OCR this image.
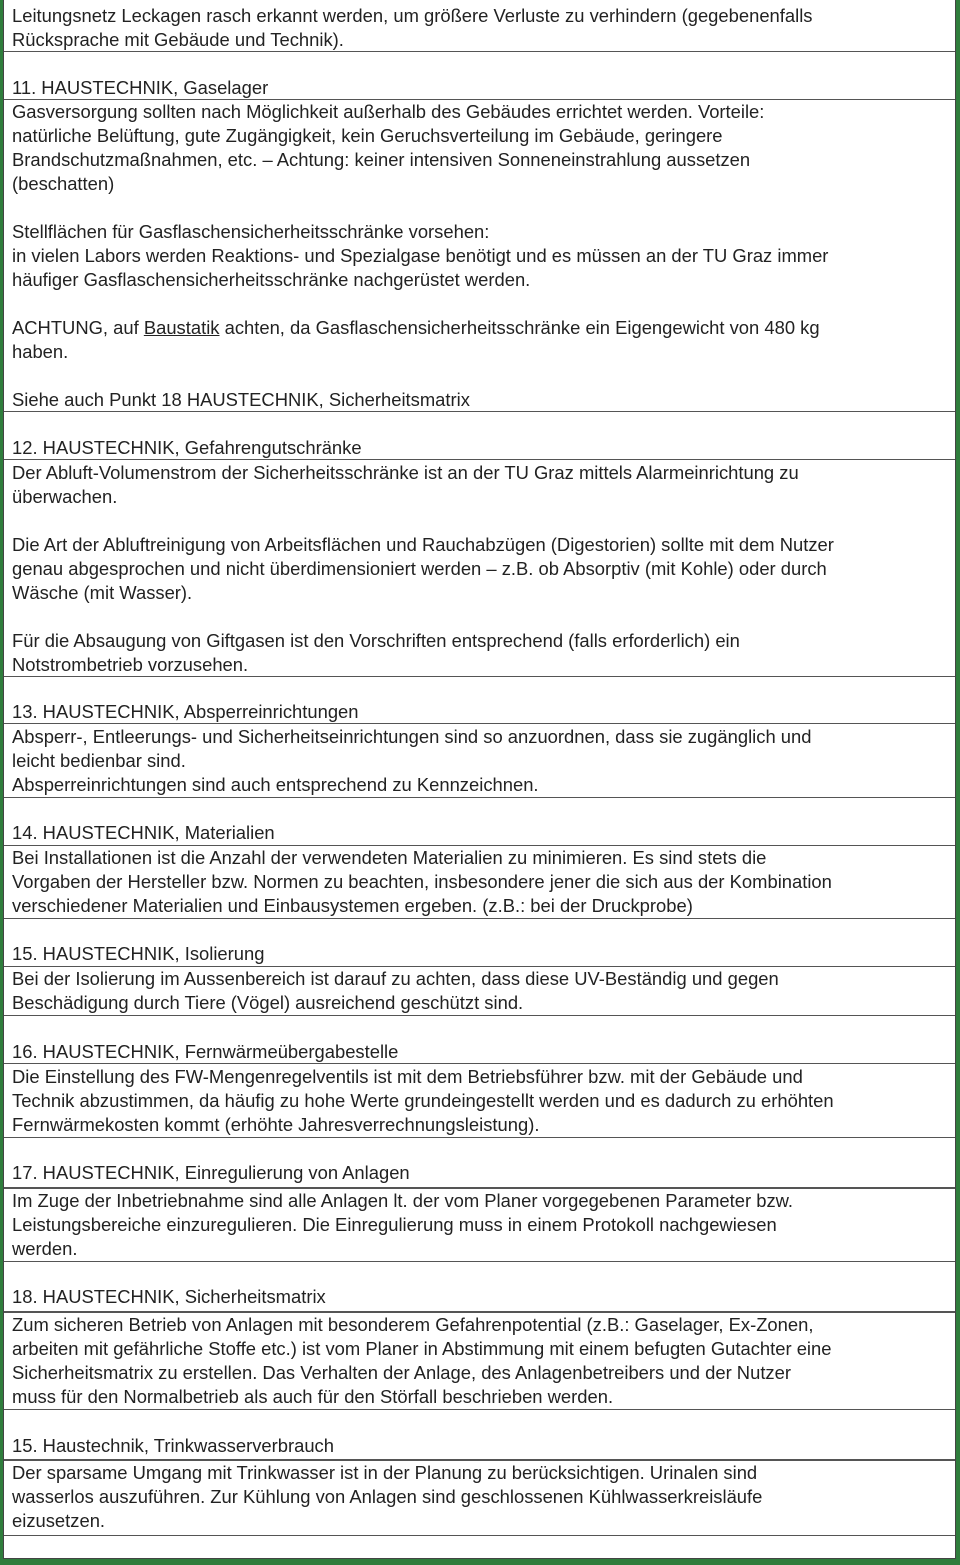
Leitungsnetz Leckagen rasch erkannt werden, um größere Verluste zu verhindern (gegebenenfalls
Rücksprache mit Gebäude und Technik).
11. HAUSTECHNIK, Gaselager
Gasversorgung sollten nach Möglichkeit außerhalb des Gebäudes errichtet werden. Vorteile:
natürliche Belüftung, gute Zugängigkeit, kein Geruchsverteilung im Gebäude, geringere
Brandschutzmaßnahmen, etc. – Achtung: keiner intensiven Sonneneinstrahlung aussetzen
(beschatten)

Stellflächen für Gasflaschensicherheitsschränke vorsehen:
in vielen Labors werden Reaktions- und Spezialgase benötigt und es müssen an der TU Graz immer
häufiger Gasflaschensicherheitsschränke nachgerüstet werden.

ACHTUNG, auf Baustatik achten, da Gasflaschensicherheitsschränke ein Eigengewicht von 480 kg
haben.

Siehe auch Punkt 18 HAUSTECHNIK, Sicherheitsmatrix
12. HAUSTECHNIK, Gefahrengutschränke
Der Abluft-Volumenstrom der Sicherheitsschränke ist an der TU Graz mittels Alarmeinrichtung zu
überwachen.

Die Art der Abluftreinigung von Arbeitsflächen und Rauchabzügen (Digestorien) sollte mit dem Nutzer
genau abgesprochen und nicht überdimensioniert werden – z.B. ob Absorptiv (mit Kohle) oder durch
Wäsche (mit Wasser).

Für die Absaugung von Giftgasen ist den Vorschriften entsprechend (falls erforderlich) ein
Notstrombetrieb vorzusehen.
13. HAUSTECHNIK, Absperreinrichtungen
Absperr-, Entleerungs- und Sicherheitseinrichtungen sind so anzuordnen, dass sie zugänglich und
leicht bedienbar sind.
Absperreinrichtungen sind auch entsprechend zu Kennzeichnen.
14. HAUSTECHNIK, Materialien
Bei Installationen ist die Anzahl der verwendeten Materialien zu minimieren. Es sind stets die
Vorgaben der Hersteller bzw. Normen zu beachten, insbesondere jener die sich aus der Kombination
verschiedener Materialien und Einbausystemen ergeben. (z.B.: bei der Druckprobe)
15. HAUSTECHNIK, Isolierung
Bei der Isolierung im Aussenbereich ist darauf zu achten, dass diese UV-Beständig und gegen
Beschädigung durch Tiere (Vögel) ausreichend geschützt sind.
16. HAUSTECHNIK, Fernwärmeübergabestelle
Die Einstellung des FW-Mengenregelventils ist mit dem Betriebsführer bzw. mit der Gebäude und
Technik abzustimmen, da häufig zu hohe Werte grundeingestellt werden und es dadurch zu erhöhten
Fernwärmekosten kommt (erhöhte Jahresverrechnungsleistung).
17. HAUSTECHNIK, Einregulierung von Anlagen
Im Zuge der Inbetriebnahme sind alle Anlagen lt. der vom Planer vorgegebenen Parameter bzw.
Leistungsbereiche einzuregulieren. Die Einregulierung muss in einem Protokoll nachgewiesen
werden.
18. HAUSTECHNIK, Sicherheitsmatrix
Zum sicheren Betrieb von Anlagen mit besonderem Gefahrenpotential (z.B.: Gaselager, Ex-Zonen,
arbeiten mit gefährliche Stoffe etc.) ist vom Planer in Abstimmung mit einem befugten Gutachter eine
Sicherheitsmatrix zu erstellen. Das Verhalten der Anlage, des Anlagenbetreibers und der Nutzer
muss für den Normalbetrieb als auch für den Störfall beschrieben werden.
15. Haustechnik, Trinkwasserverbrauch
Der sparsame Umgang mit Trinkwasser ist in der Planung zu berücksichtigen. Urinalen sind
wasserlos auszuführen. Zur Kühlung von Anlagen sind geschlossenen Kühlwasserkreisläufe
eizusetzen.
